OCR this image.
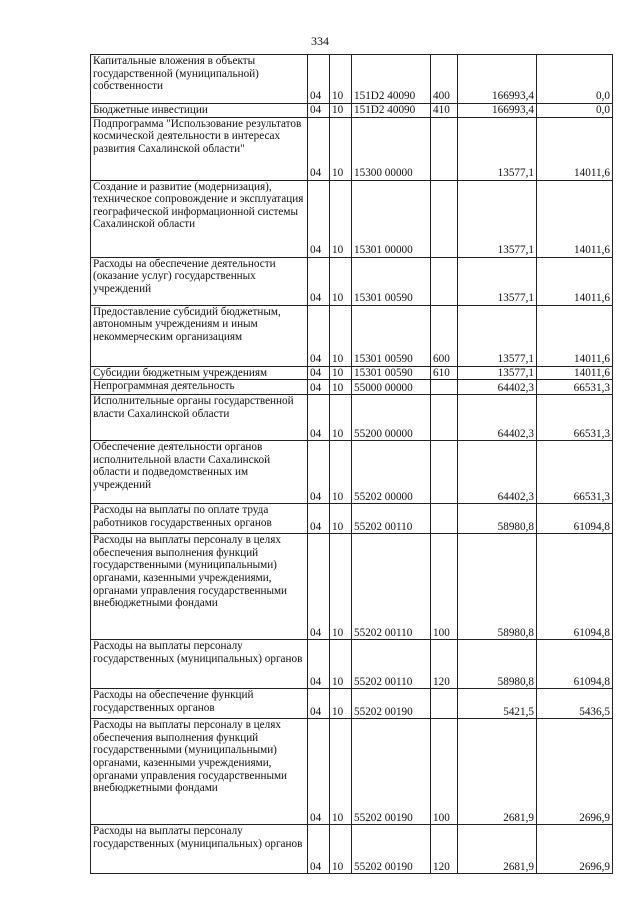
334
Капитальные вложения в объекты государственной (муниципальной) собственности	04	10	151D2 40090	400	166993,4	0,0
Бюджетные инвестиции	04	10	151D2 40090	410	166993,4	0,0
Подпрограмма "Использование результатов космической деятельности в интересах развития Сахалинской области"	04	10	15300 00000		13577,1	14011,6
Создание и развитие (модернизация), техническое сопровождение и эксплуатация географической информационной системы Сахалинской области	04	10	15301 00000		13577,1	14011,6
Расходы на обеспечение деятельности (оказание услуг) государственных учреждений	04	10	15301 00590		13577,1	14011,6
Предоставление субсидий бюджетным, автономным учреждениям и иным некоммерческим организациям	04	10	15301 00590	600	13577,1	14011,6
Субсидии бюджетным учреждениям	04	10	15301 00590	610	13577,1	14011,6
Непрограммная деятельность	04	10	55000 00000		64402,3	66531,3
Исполнительные органы государственной власти Сахалинской области	04	10	55200 00000		64402,3	66531,3
Обеспечение деятельности органов исполнительной власти Сахалинской области и подведомственных им учреждений	04	10	55202 00000		64402,3	66531,3
Расходы на выплаты по оплате труда работников государственных органов	04	10	55202 00110		58980,8	61094,8
Расходы на выплаты персоналу в целях обеспечения выполнения функций государственными (муниципальными) органами, казенными учреждениями, органами управления государственными внебюджетными фондами	04	10	55202 00110	100	58980,8	61094,8
Расходы на выплаты персоналу государственных (муниципальных) органов	04	10	55202 00110	120	58980,8	61094,8
Расходы на обеспечение функций государственных органов	04	10	55202 00190		5421,5	5436,5
Расходы на выплаты персоналу в целях обеспечения выполнения функций государственными (муниципальными) органами, казенными учреждениями, органами управления государственными внебюджетными фондами	04	10	55202 00190	100	2681,9	2696,9
Расходы на выплаты персоналу государственных (муниципальных) органов	04	10	55202 00190	120	2681,9	2696,9
